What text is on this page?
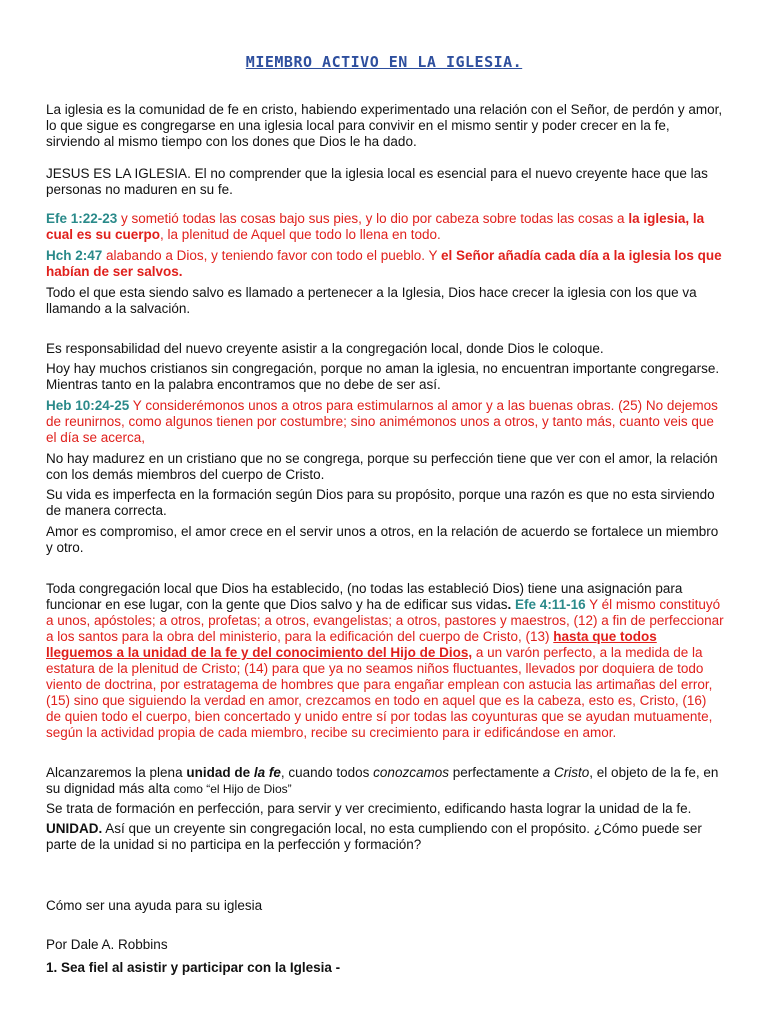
MIEMBRO ACTIVO EN LA IGLESIA.

La iglesia es la comunidad de fe en cristo, habiendo experimentado una relación con el Señor, de perdón y amor, lo que sigue es congregarse en una iglesia local para convivir en el mismo sentir y poder crecer en la fe, sirviendo al mismo tiempo con los dones que Dios le ha dado.

JESUS ES LA IGLESIA. El no comprender que la iglesia local es esencial para el nuevo creyente hace que las personas no maduren en su fe.

Efe 1:22-23 y sometió todas las cosas bajo sus pies, y lo dio por cabeza sobre todas las cosas a la iglesia, la cual es su cuerpo, la plenitud de Aquel que todo lo llena en todo.

Hch 2:47 alabando a Dios, y teniendo favor con todo el pueblo. Y el Señor añadía cada día a la iglesia los que habían de ser salvos.

Todo el que esta siendo salvo es llamado a pertenecer a la Iglesia, Dios hace crecer la iglesia con los que va llamando a la salvación.

Es responsabilidad del nuevo creyente asistir a la congregación local, donde Dios le coloque.

Hoy hay muchos cristianos sin congregación, porque no aman la iglesia, no encuentran importante congregarse. Mientras tanto en la palabra encontramos que no debe de ser así.

Heb 10:24-25 Y considerémonos unos a otros para estimularnos al amor y a las buenas obras. (25) No dejemos de reunirnos, como algunos tienen por costumbre; sino animémonos unos a otros, y tanto más, cuanto veis que el día se acerca,

No hay madurez en un cristiano que no se congrega, porque su perfección tiene que ver con el amor, la relación con los demás miembros del cuerpo de Cristo.

Su vida es imperfecta en la formación según Dios para su propósito, porque una razón es que no esta sirviendo de manera correcta.

Amor es compromiso, el amor crece en el servir unos a otros, en la relación de acuerdo se fortalece un miembro y otro.

Toda congregación local que Dios ha establecido, (no todas las estableció Dios) tiene una asignación para funcionar en ese lugar, con la gente que Dios salvo y ha de edificar sus vidas. Efe 4:11-16 Y él mismo constituyó a unos, apóstoles; a otros, profetas; a otros, evangelistas; a otros, pastores y maestros, (12) a fin de perfeccionar a los santos para la obra del ministerio, para la edificación del cuerpo de Cristo, (13) hasta que todos lleguemos a la unidad de la fe y del conocimiento del Hijo de Dios, a un varón perfecto, a la medida de la estatura de la plenitud de Cristo; (14) para que ya no seamos niños fluctuantes, llevados por doquiera de todo viento de doctrina, por estratagema de hombres que para engañar emplean con astucia las artimañas del error, (15) sino que siguiendo la verdad en amor, crezcamos en todo en aquel que es la cabeza, esto es, Cristo, (16) de quien todo el cuerpo, bien concertado y unido entre sí por todas las coyunturas que se ayudan mutuamente, según la actividad propia de cada miembro, recibe su crecimiento para ir edificándose en amor.

Alcanzaremos la plena unidad de la fe, cuando todos conozcamos perfectamente a Cristo, el objeto de la fe, en su dignidad más alta como “el Hijo de Dios”

Se trata de formación en perfección, para servir y ver crecimiento, edificando hasta lograr la unidad de la fe.

UNIDAD. Así que un creyente sin congregación local, no esta cumpliendo con el propósito. ¿Cómo puede ser parte de la unidad si no participa en la perfección y formación?

Cómo ser una ayuda para su iglesia

Por Dale A. Robbins

1. Sea fiel al asistir y participar con la Iglesia -
